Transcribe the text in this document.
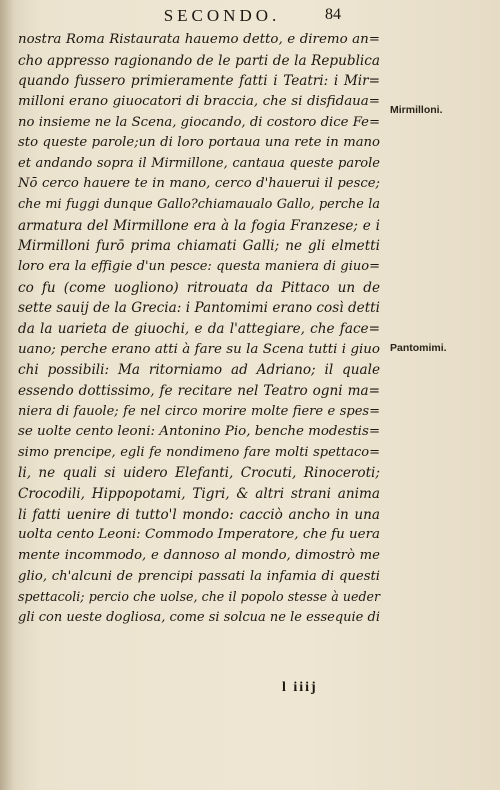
SECONDO.	84
nostra Roma Ristaurata hauemo detto, e diremo an=
cho appresso ragionando de le parti de la Republica
quando fussero primieramente fatti i Teatri: i Mir=
milloni erano giuocatori di braccia, che si disfidaua=
no insieme ne la Scena, giocando, di costoro dice Fe=
sto queste parole;un di loro portaua una rete in mano
et andando sopra il Mirmillone, cantaua queste parole
Nō cerco hauere te in mano, cerco d'hauerui il pesce;
che mi fuggi dunque Gallo?chiamaualo Gallo, perche la
armatura del Mirmillone era à la fogia Franzese; e i
Mirmilloni furō prima chiamati Galli; ne gli elmetti
loro era la effigie d'un pesce: questa maniera di giuo=
co fu (come uogliono) ritrouata da Pittaco un de
sette sauij de la Grecia: i Pantomimi erano così detti
da la uarieta de giuochi, e da l'attegiare, che face=
uano; perche erano atti à fare su la Scena tutti i giuo
chi possibili: Ma ritorniamo ad Adriano; il quale
essendo dottissimo, fe recitare nel Teatro ogni ma=
niera di fauole; fe nel circo morire molte fiere e spes=
se uolte cento leoni: Antonino Pio, benche modestis=
simo prencipe, egli fe nondimeno fare molti spettaco=
li, ne quali si uidero Elefanti, Crocuti, Rinoceroti;
Crocodili, Hippopotami, Tigri, & altri strani anima
li fatti uenire di tutto'l mondo: cacciò ancho in una
uolta cento Leoni: Commodo Imperatore, che fu uera
mente incommodo, e dannoso al mondo, dimostrò me
glio, ch'alcuni de prencipi passati la infamia di questi
spettacoli; percio che uolse, che il popolo stesse à ueder
gli con ueste dogliosa, come si solcua ne le essequie di
Mirmilloni.
Pantomimi.
l iiij
